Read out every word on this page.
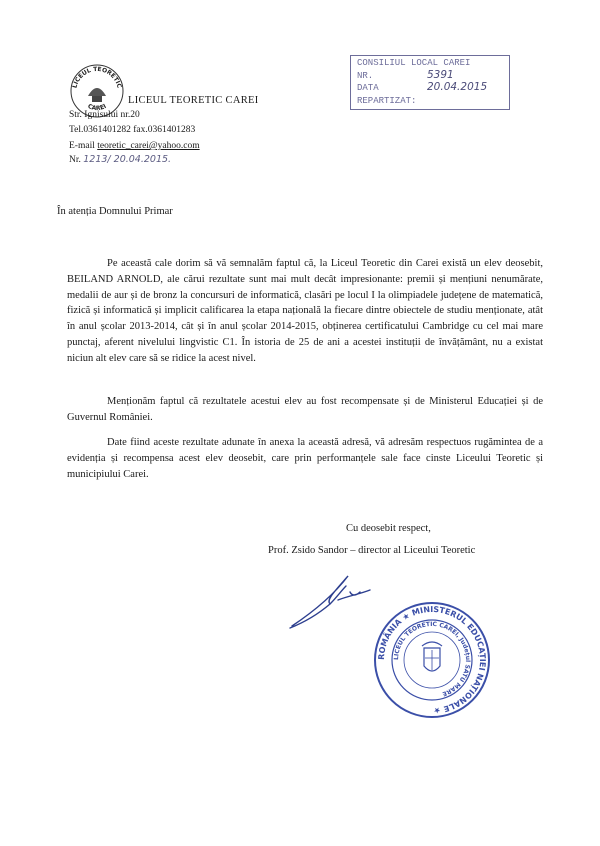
LICEUL TEORETIC
CAREI
LICEUL TEORETIC CAREI
Str. Ignisului nr.20
Tel.0361401282 fax.0361401283
E-mail teoretic_carei@yahoo.com
Nr. 1213/ 20.04.2015.
CONSILIUL LOCAL CAREI
NR.	5391
DATA	20.04.2015
REPARTIZAT:
În atenția Domnului Primar

Pe această cale dorim să vă semnalăm faptul că, la Liceul Teoretic din Carei există un elev deosebit, BEILAND ARNOLD, ale cărui rezultate sunt mai mult decât impresionante: premii și mențiuni nenumărate, medalii de aur și de bronz la concursuri de informatică, clasări pe locul I la olimpiadele județene de matematică, fizică și informatică și implicit calificarea la etapa națională la fiecare dintre obiectele de studiu menționate, atât în anul școlar 2013-2014, cât și în anul școlar 2014-2015, obținerea certificatului Cambridge cu cel mai mare punctaj, aferent nivelului lingvistic C1. În istoria de 25 de ani a acestei instituții de învățământ, nu a existat niciun alt elev care să se ridice la acest nivel.

Menționăm faptul că rezultatele acestui elev au fost recompensate și de Ministerul Educației și de Guvernul României.

Date fiind aceste rezultate adunate în anexa la această adresă, vă adresăm respectuos rugămintea de a evidenția și recompensa acest elev deosebit, care prin performanțele sale face cinste Liceului Teoretic și municipiului Carei.

Cu deosebit respect,
Prof. Zsido Sandor – director al Liceului Teoretic
ROMÂNIA ★ MINISTERUL EDUCAȚIEI NAȚIONALE ★
LICEUL TEORETIC CAREI, Județul SATU MARE
